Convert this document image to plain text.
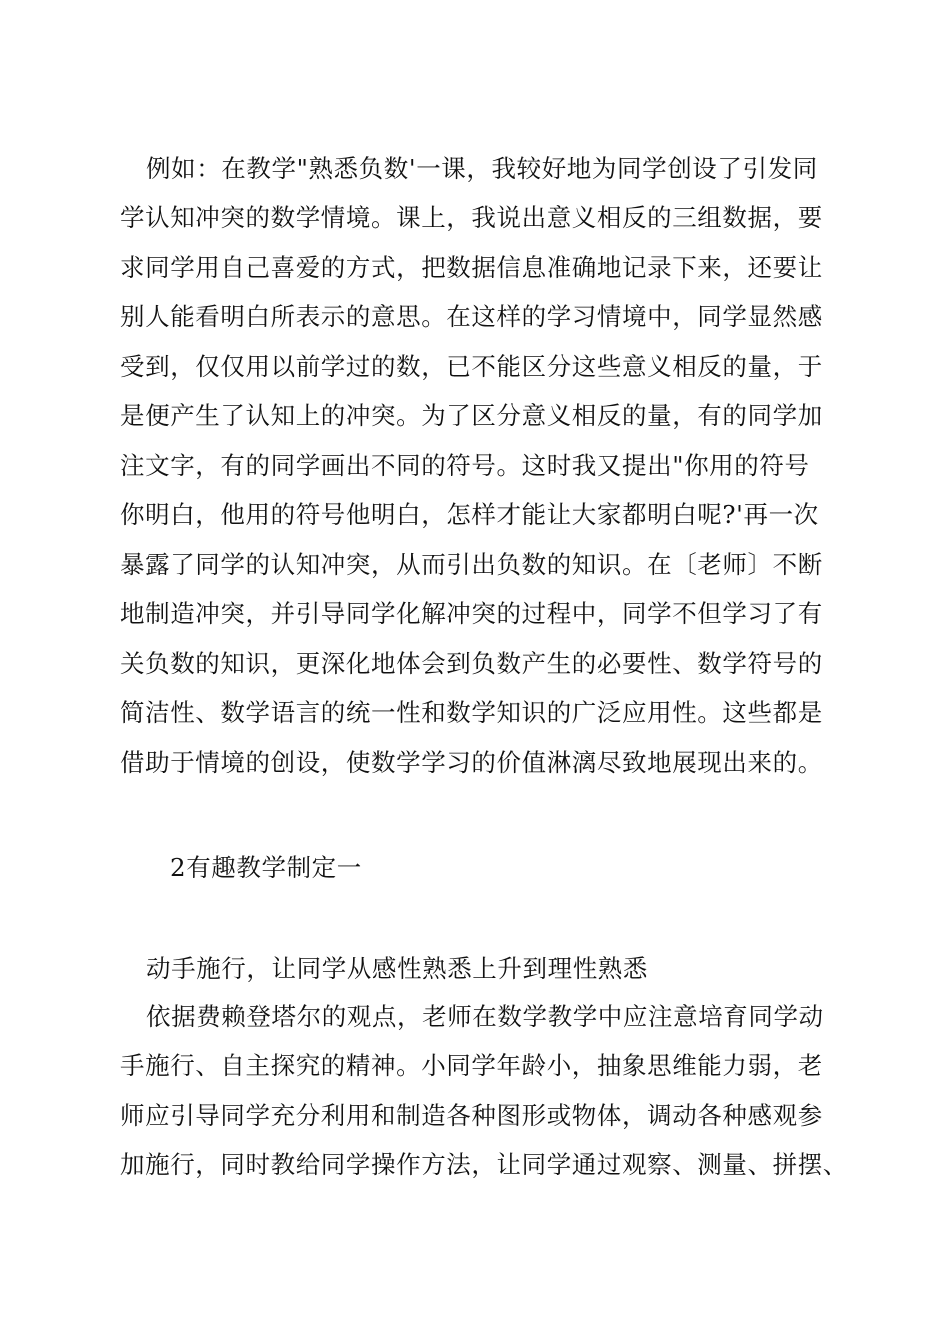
例如：在教学"熟悉负数'一课，我较好地为同学创设了引发同
学认知冲突的数学情境。课上，我说出意义相反的三组数据，要
求同学用自己喜爱的方式，把数据信息准确地记录下来，还要让
别人能看明白所表示的意思。在这样的学习情境中，同学显然感
受到，仅仅用以前学过的数，已不能区分这些意义相反的量，于
是便产生了认知上的冲突。为了区分意义相反的量，有的同学加
注文字，有的同学画出不同的符号。这时我又提出"你用的符号
你明白，他用的符号他明白，怎样才能让大家都明白呢?'再一次
暴露了同学的认知冲突，从而引出负数的知识。在〔老师〕不断
地制造冲突，并引导同学化解冲突的过程中，同学不但学习了有
关负数的知识，更深化地体会到负数产生的必要性、数学符号的
简洁性、数学语言的统一性和数学知识的广泛应用性。这些都是
借助于情境的创设，使数学学习的价值淋漓尽致地展现出来的。
2有趣教学制定一
动手施行，让同学从感性熟悉上升到理性熟悉
依据费赖登塔尔的观点，老师在数学教学中应注意培育同学动
手施行、自主探究的精神。小同学年龄小，抽象思维能力弱，老
师应引导同学充分利用和制造各种图形或物体，调动各种感观参
加施行，同时教给同学操作方法，让同学通过观察、测量、拼摆、
